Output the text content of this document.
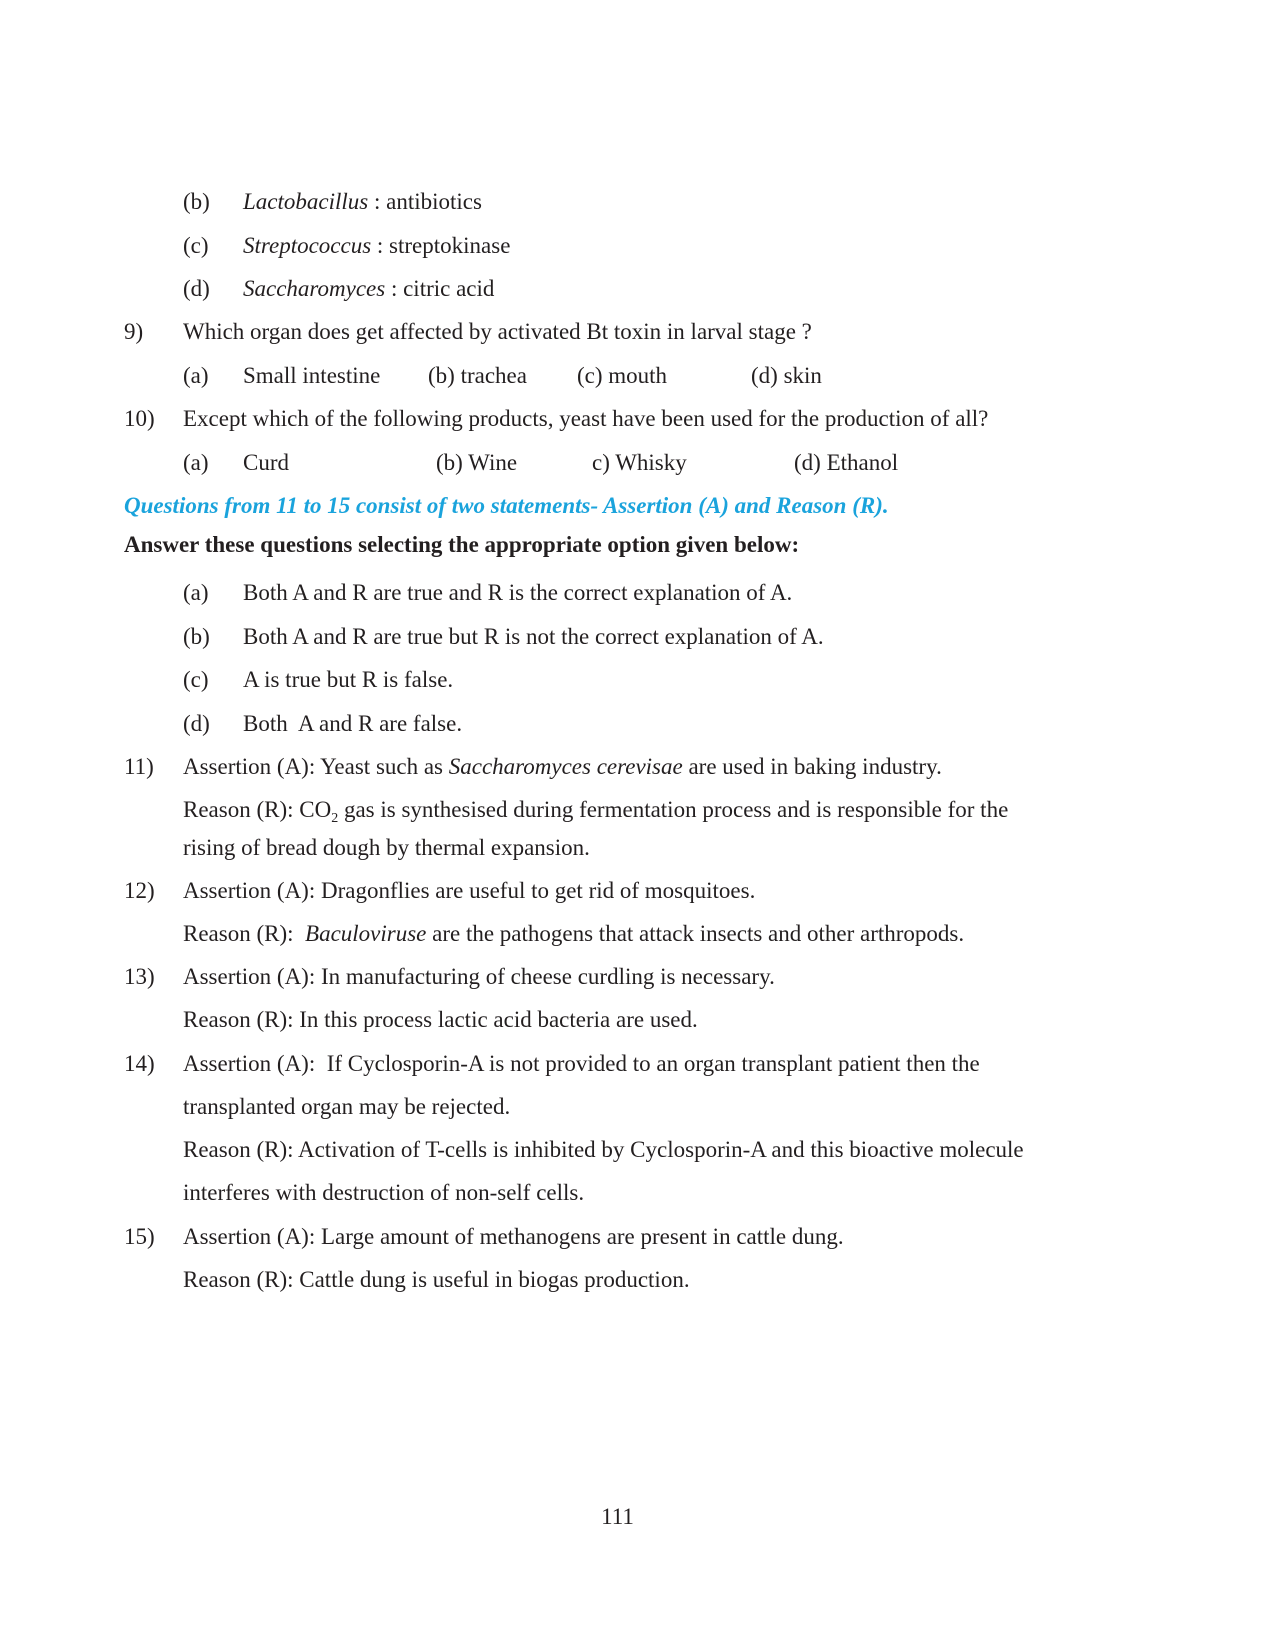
(b) Lactobacillus : antibiotics
(c) Streptococcus : streptokinase
(d) Saccharomyces : citric acid
9) Which organ does get affected by activated Bt toxin in larval stage ?
(a) Small intestine (b) trachea (c) mouth	(d) skin
10) Except which of the following products, yeast have been used for the production of all?
(a) Curd	(b) Wine	c) Whisky	(d) Ethanol
Questions from 11 to 15 consist of two statements- Assertion (A) and Reason (R).
Answer these questions selecting the appropriate option given below:
(a) Both A and R are true and R is the correct explanation of A.
(b) Both A and R are true but R is not the correct explanation of A.
(c) A is true but R is false.
(d) Both  A and R are false.
11) Assertion (A): Yeast such as Saccharomyces cerevisae are used in baking industry.
Reason (R): $CO_2$ gas is synthesised during fermentation process and is responsible for the
rising of bread dough by thermal expansion.
12) Assertion (A): Dragonflies are useful to get rid of mosquitoes.
Reason (R):  Baculoviruse are the pathogens that attack insects and other arthropods.
13) Assertion (A): In manufacturing of cheese curdling is necessary.
Reason (R): In this process lactic acid bacteria are used.
14) Assertion (A):  If Cyclosporin-A is not provided to an organ transplant patient then the
transplanted organ may be rejected.
Reason (R): Activation of T-cells is inhibited by Cyclosporin-A and this bioactive molecule
interferes with destruction of non-self cells.
15) Assertion (A): Large amount of methanogens are present in cattle dung.
Reason (R): Cattle dung is useful in biogas production.
111
